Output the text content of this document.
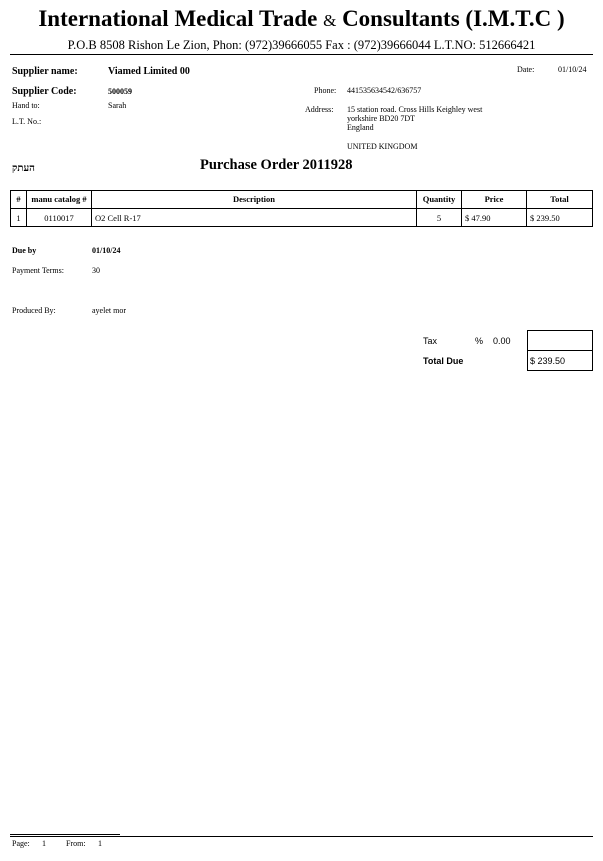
International Medical Trade & Consultants (I.M.T.C )
P.O.B 8508 Rishon Le Zion, Phon: (972)39666055 Fax : (972)39666044 L.T.NO: 512666421
Supplier name:	Viamed Limited 00
Supplier Code:	500059
Hand to:	Sarah
L.T. No.:
Phone: 441535634542/636757
Address: 15 station road. Cross Hills Keighley west
yorkshire BD20 7DT
England
UNITED KINGDOM
Date:	01/10/24
העתק	Purchase Order 2011928
#	manu catalog #	Description	Quantity	Price	Total
1	0110017	O2 Cell R-17	5	$ 47.90	$ 239.50
Due by	01/10/24
Payment Terms:	30
Produced By:	ayelet mor
Tax	%	0.00	
Total Due			$ 239.50
Page: 1	From: 1
